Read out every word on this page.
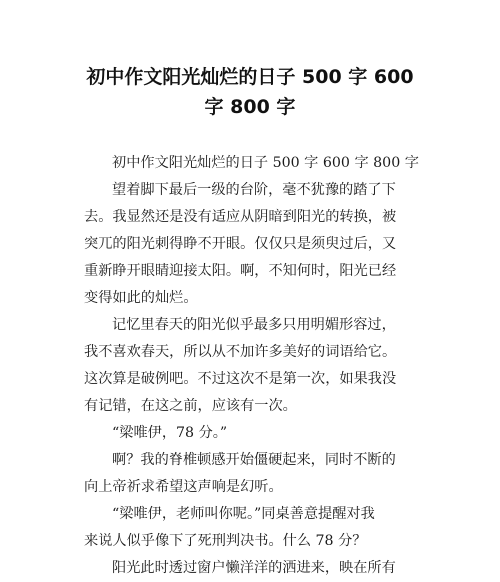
初中作文阳光灿烂的日子 500 字 600
字 800 字
初中作文阳光灿烂的日子 500 字 600 字 800 字
望着脚下最后一级的台阶，毫不犹豫的踏了下
去。我显然还是没有适应从阴暗到阳光的转换，被
突兀的阳光刺得睁不开眼。仅仅只是须臾过后，又
重新睁开眼睛迎接太阳。啊，不知何时，阳光已经
变得如此的灿烂。
记忆里春天的阳光似乎最多只用明媚形容过，
我不喜欢春天，所以从不加许多美好的词语给它。
这次算是破例吧。不过这次不是第一次，如果我没
有记错，在这之前，应该有一次。
“梁唯伊，78 分。”
啊？我的脊椎顿感开始僵硬起来，同时不断的
向上帝祈求希望这声响是幻听。
“梁唯伊，老师叫你呢。”同桌善意提醒对我
来说人似乎像下了死刑判决书。什么 78 分？
阳光此时透过窗户懒洋洋的洒进来，映在所有
